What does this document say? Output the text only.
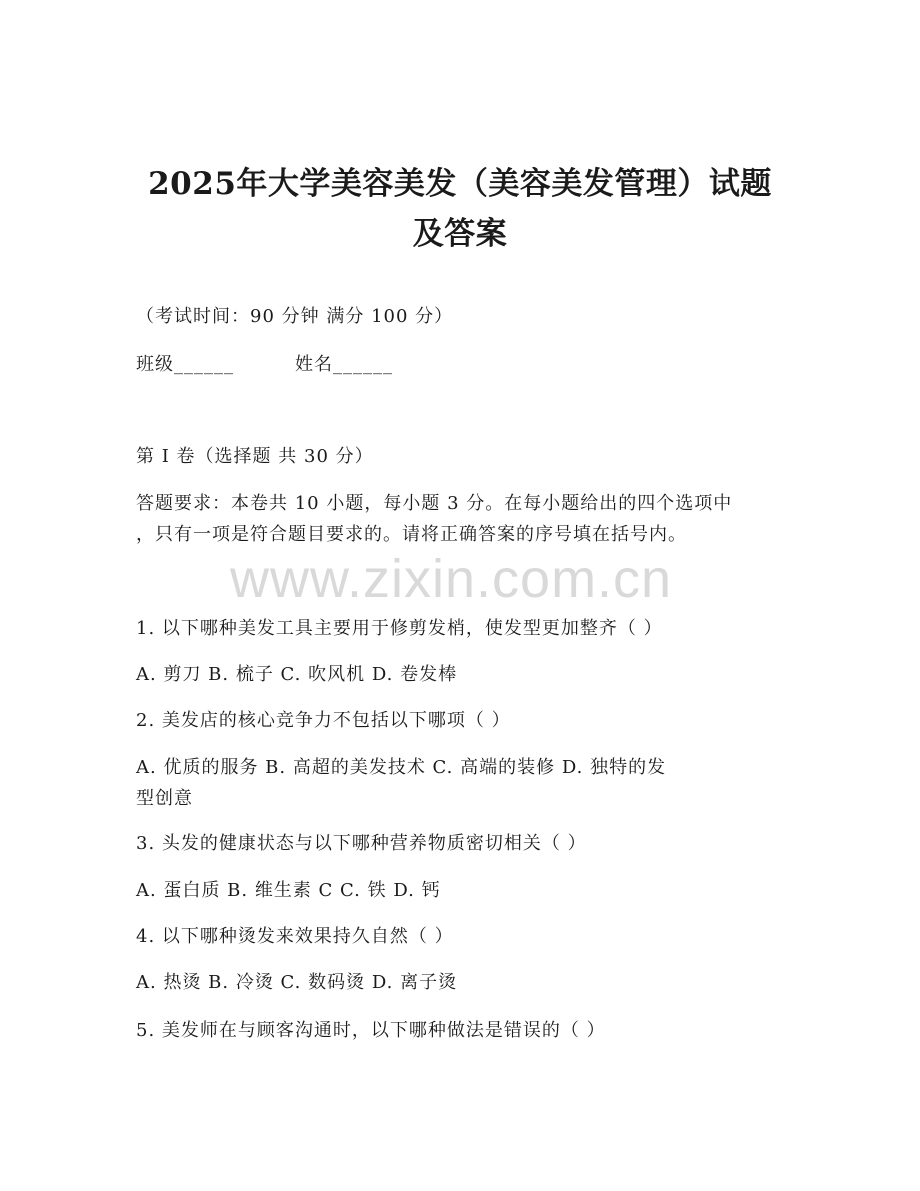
2025年大学美容美发（美容美发管理）试题

及答案

（考试时间：90 分钟 满分 100 分）

班级______	姓名______

第 I 卷（选择题 共 30 分）

答题要求：本卷共 10 小题，每小题 3 分。在每小题给出的四个选项中

，只有一项是符合题目要求的。请将正确答案的序号填在括号内。

www.zixin.com.cn

1. 以下哪种美发工具主要用于修剪发梢，使发型更加整齐（ ）

A. 剪刀 B. 梳子 C. 吹风机 D. 卷发棒

2. 美发店的核心竞争力不包括以下哪项（ ）

A. 优质的服务 B. 高超的美发技术 C. 高端的装修 D. 独特的发

型创意

3. 头发的健康状态与以下哪种营养物质密切相关（ ）

A. 蛋白质 B. 维生素 C C. 铁 D. 钙

4. 以下哪种烫发来效果持久自然（ ）

A. 热烫 B. 冷烫 C. 数码烫 D. 离子烫

5. 美发师在与顾客沟通时，以下哪种做法是错误的（ ）
